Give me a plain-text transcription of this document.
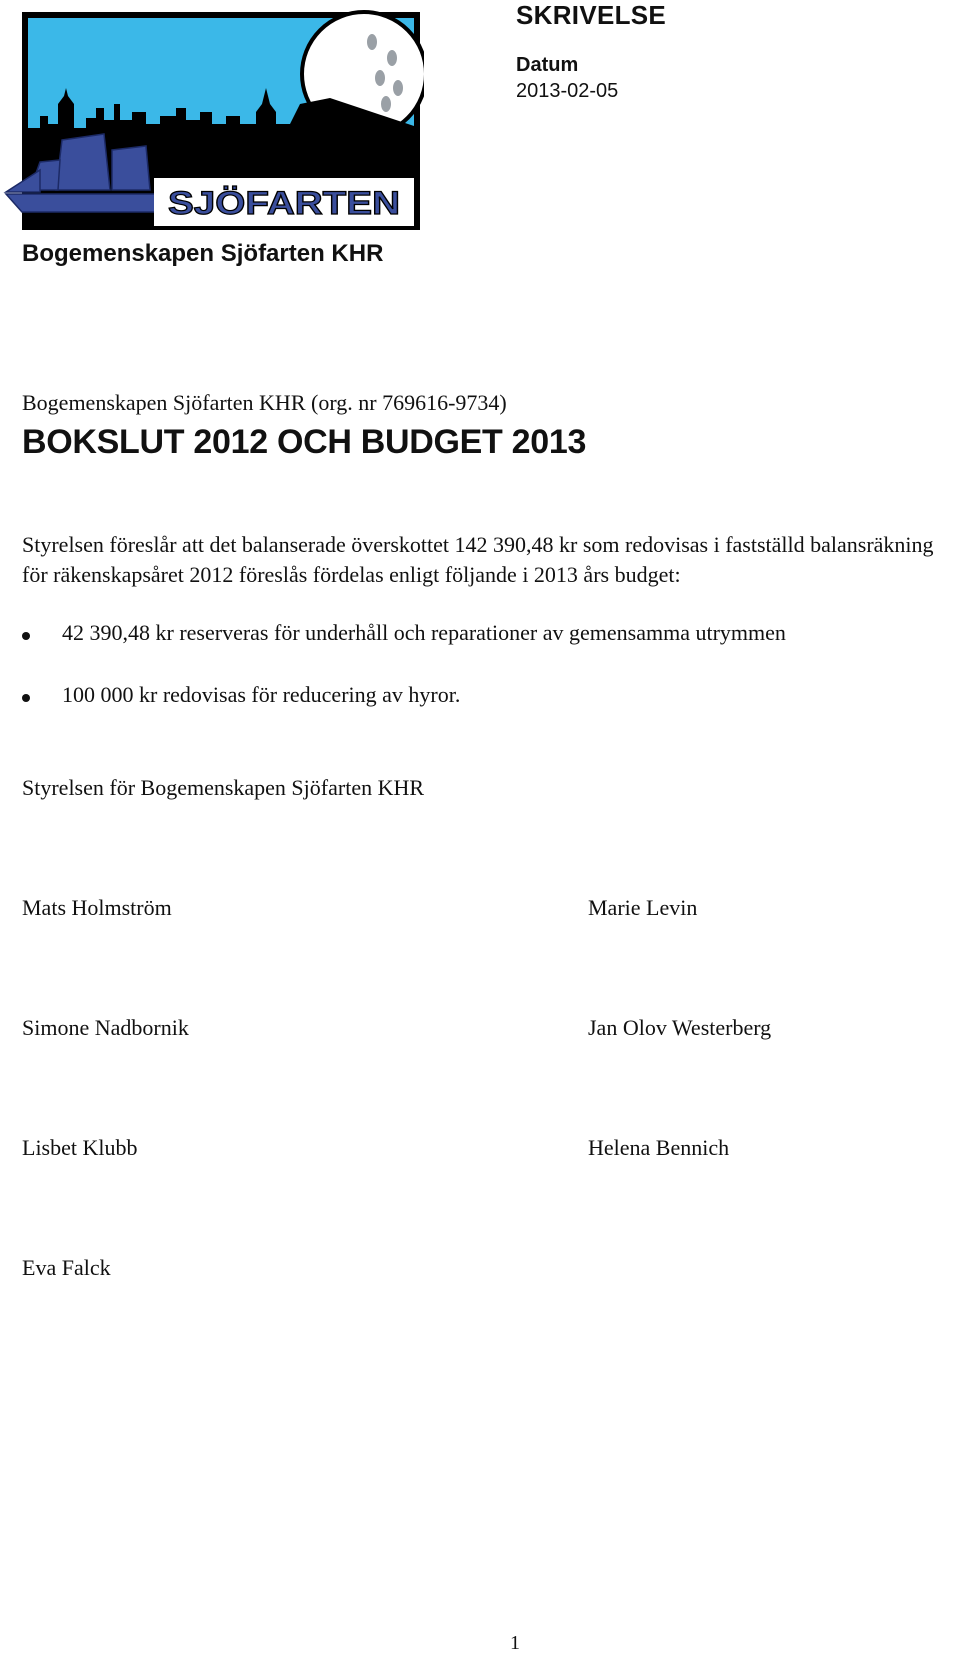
SJÖFARTEN
SKRIVELSE
Datum
2013-02-05
Bogemenskapen Sjöfarten KHR
Bogemenskapen Sjöfarten KHR (org. nr 769616-9734)
BOKSLUT 2012 OCH BUDGET 2013

Styrelsen föreslår att det balanserade överskottet 142 390,48 kr som redovisas i fastställd balansräkning för räkenskapsåret 2012 föreslås fördelas enligt följande i 2013 års budget:

42 390,48 kr reserveras för underhåll och reparationer av gemensamma utrymmen
100 000 kr redovisas för reducering av hyror.
Styrelsen för Bogemenskapen Sjöfarten KHR
Mats Holmström	Marie Levin
Simone Nadbornik	Jan Olov Westerberg
Lisbet Klubb	Helena Bennich
Eva Falck
1
